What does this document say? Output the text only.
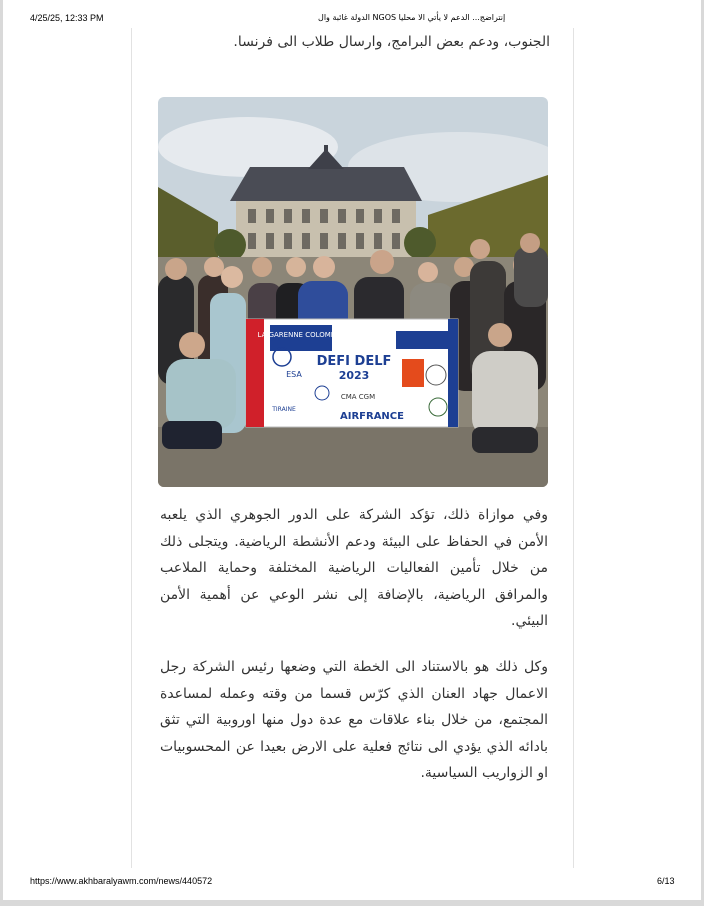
4/25/25, 12:33 PM	إنتراضج... الدعم لا يأتي الا محليا NGOS الدولة غائبة وال

الجنوب، ودعم بعض البرامج، وارسال طلاب الى فرنسا.

LA GARENNE COLOMBES
DEFI DELF
2023
ESA
CMA CGM
AIRFRANCE
TIRAINE

وفي موازاة ذلك، تؤكد الشركة على الدور الجوهري الذي يلعبه الأمن في الحفاظ على البيئة ودعم الأنشطة الرياضية. ويتجلى ذلك من خلال تأمين الفعاليات الرياضية المختلفة وحماية الملاعب والمرافق الرياضية، بالإضافة إلى نشر الوعي عن أهمية الأمن البيئي.

وكل ذلك هو بالاستناد الى الخطة التي وضعها رئيس الشركة رجل الاعمال جهاد العنان الذي كرّس قسما من وقته وعمله لمساعدة المجتمع، من خلال بناء علاقات مع عدة دول منها اوروبية التي تثق بادائه الذي يؤدي الى نتائج فعلية على الارض بعيدا عن المحسوبيات او الزواريب السياسية.

https://www.akhbaralyawm.com/news/440572	6/13
